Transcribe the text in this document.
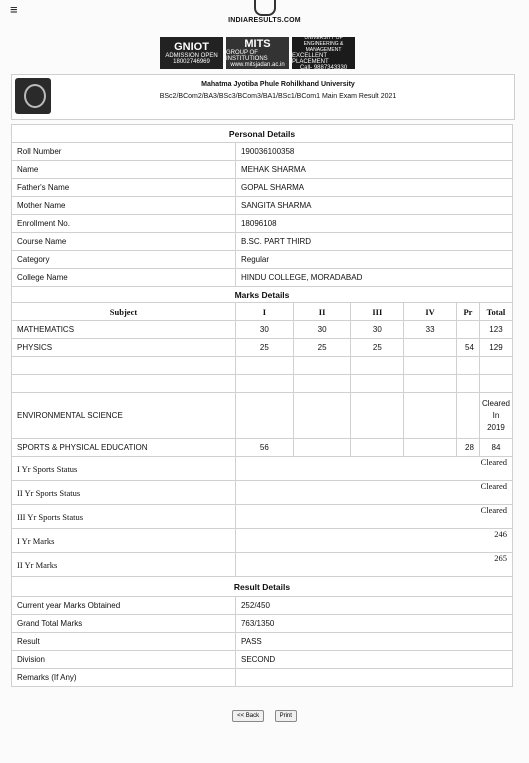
≡
INDIARESULTS.COM
GNIOT
ADMISSION OPEN
18002746969
MITS
GROUP OF INSTITUTIONS
www.mitsjadan.ac.in
UNIVERSITY OF ENGINEERING & MANAGEMENT
EXCELLENT PLACEMENT
Call- 9887343330
Mahatma Jyotiba Phule Rohilkhand University
BSc2/BCom2/BA3/BSc3/BCom3/BA1/BSc1/BCom1 Main Exam Result 2021
Personal Details						
Roll Number	190036100358					
Name	MEHAK SHARMA					
Father's Name	GOPAL SHARMA					
Mother Name	SANGITA SHARMA					
Enrollment No.	18096108					
Course Name	B.SC. PART THIRD					
Category	Regular					
College Name	HINDU COLLEGE, MORADABAD					
Marks Details						
Subject	I	II	III	IV	Pr	Total
MATHEMATICS	30	30	30	33		123
PHYSICS	25	25	25		54	129

ENVIRONMENTAL SCIENCE						Cleared
In
2019

SPORTS & PHYSICAL EDUCATION	56				28	84
I Yr Sports Status	Cleared					
II Yr Sports Status	Cleared					
III Yr Sports Status	Cleared					
I Yr Marks	246					
II Yr Marks	265					
Result Details						
Current year Marks Obtained	252/450					
Grand Total Marks	763/1350					
Result	PASS					
Division	SECOND					
Remarks (If Any)						
<< Back	Print
